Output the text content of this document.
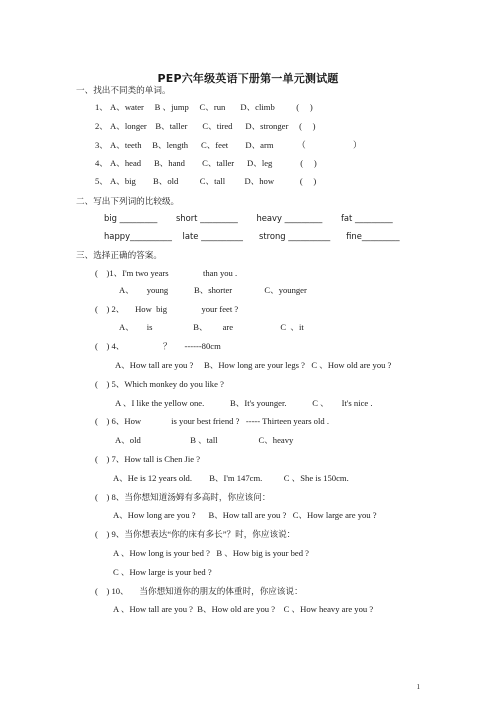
PEP六年级英语下册第一单元测试题
一、找出不同类的单词。
1、 A、water     B 、jump     C、run       D、climb          (     )
2、 A、longer    B、taller       C、tired      D、stronger     (     )
3、 A、teeth     B、length      C、feet        D、arm           （                      ）
4、 A、head      B、hand        C、taller      D、leg             (     )
5、 A、big        B、old          C、tall         D、how            (     )
二、写出下列词的比较级。
big _________       short _________       heavy _________       fat _________
happy__________    late __________      strong __________      fine_________
三、选择正确的答案。
(    )1、I'm two years                than you .
A、      young            B、shorter               C、younger
(    ) 2、     How  big                your feet ?
A、      is                   B、       are                      C  、it
(    ) 4、                  ？      ------80cm
A、How tall are you ?     B、How long are your legs ?   C 、How old are you ?
(    ) 5、Which monkey do you like ?
A 、I like the yellow one.            B、It's younger.            C 、      It's nice .
(    ) 6、How              is your best friend ?   ----- Thirteen years old .
A、old                       B 、tall                   C、heavy
(    ) 7、How tall is Chen Jie ?
A、He is 12 years old.        B、I'm 147cm.          C 、She is 150cm.
(    ) 8、当你想知道汤姆有多高时，你应该问：
A、How long are you ?      B、How tall are you ?   C、How large are you ?
(    ) 9、当你想表达“你的床有多长”？时，你应该说：
A 、How long is your bed ?   B 、How big is your bed ?
C 、How large is your bed ?
(    ) 10、     当你想知道你的朋友的体重时，你应该说：
A 、How tall are you ?  B、How old are you ?    C 、How heavy are you ?
1
